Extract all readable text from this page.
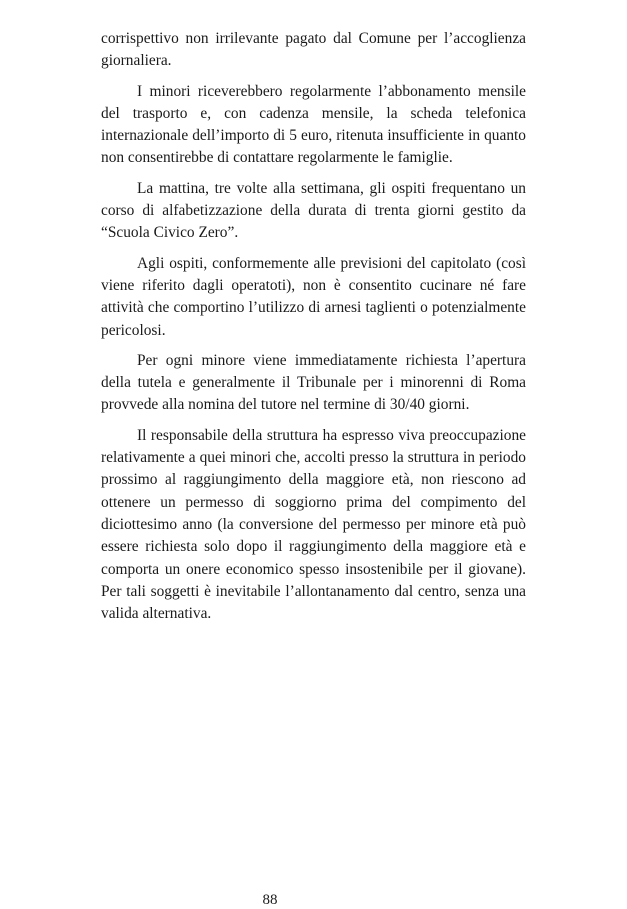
corrispettivo non irrilevante pagato dal Comune per l’accoglienza giornaliera.

I minori riceverebbero regolarmente l’abbonamento mensile del trasporto e, con cadenza mensile, la scheda telefonica internazionale dell’importo di 5 euro, ritenuta insufficiente in quanto non consentirebbe di contattare regolarmente le famiglie.

La mattina, tre volte alla settimana, gli ospiti frequentano un corso di alfabetizzazione della durata di trenta giorni gestito da “Scuola Civico Zero”.

Agli ospiti, conformemente alle previsioni del capitolato (così viene riferito dagli operatoti), non è consentito cucinare né fare attività che comportino l’utilizzo di arnesi taglienti o potenzialmente pericolosi.

Per ogni minore viene immediatamente richiesta l’apertura della tutela e generalmente il Tribunale per i minorenni di Roma provvede alla nomina del tutore nel termine di 30/40 giorni.

Il responsabile della struttura ha espresso viva preoccupazione relativamente a quei minori che, accolti presso la struttura in periodo prossimo al raggiungimento della maggiore età, non riescono ad ottenere un permesso di soggiorno prima del compimento del diciottesimo anno (la conversione del permesso per minore età può essere richiesta solo dopo il raggiungimento della maggiore età e comporta un onere economico spesso insostenibile per il giovane). Per tali soggetti è inevitabile l’allontanamento dal centro, senza una valida alternativa.

88
